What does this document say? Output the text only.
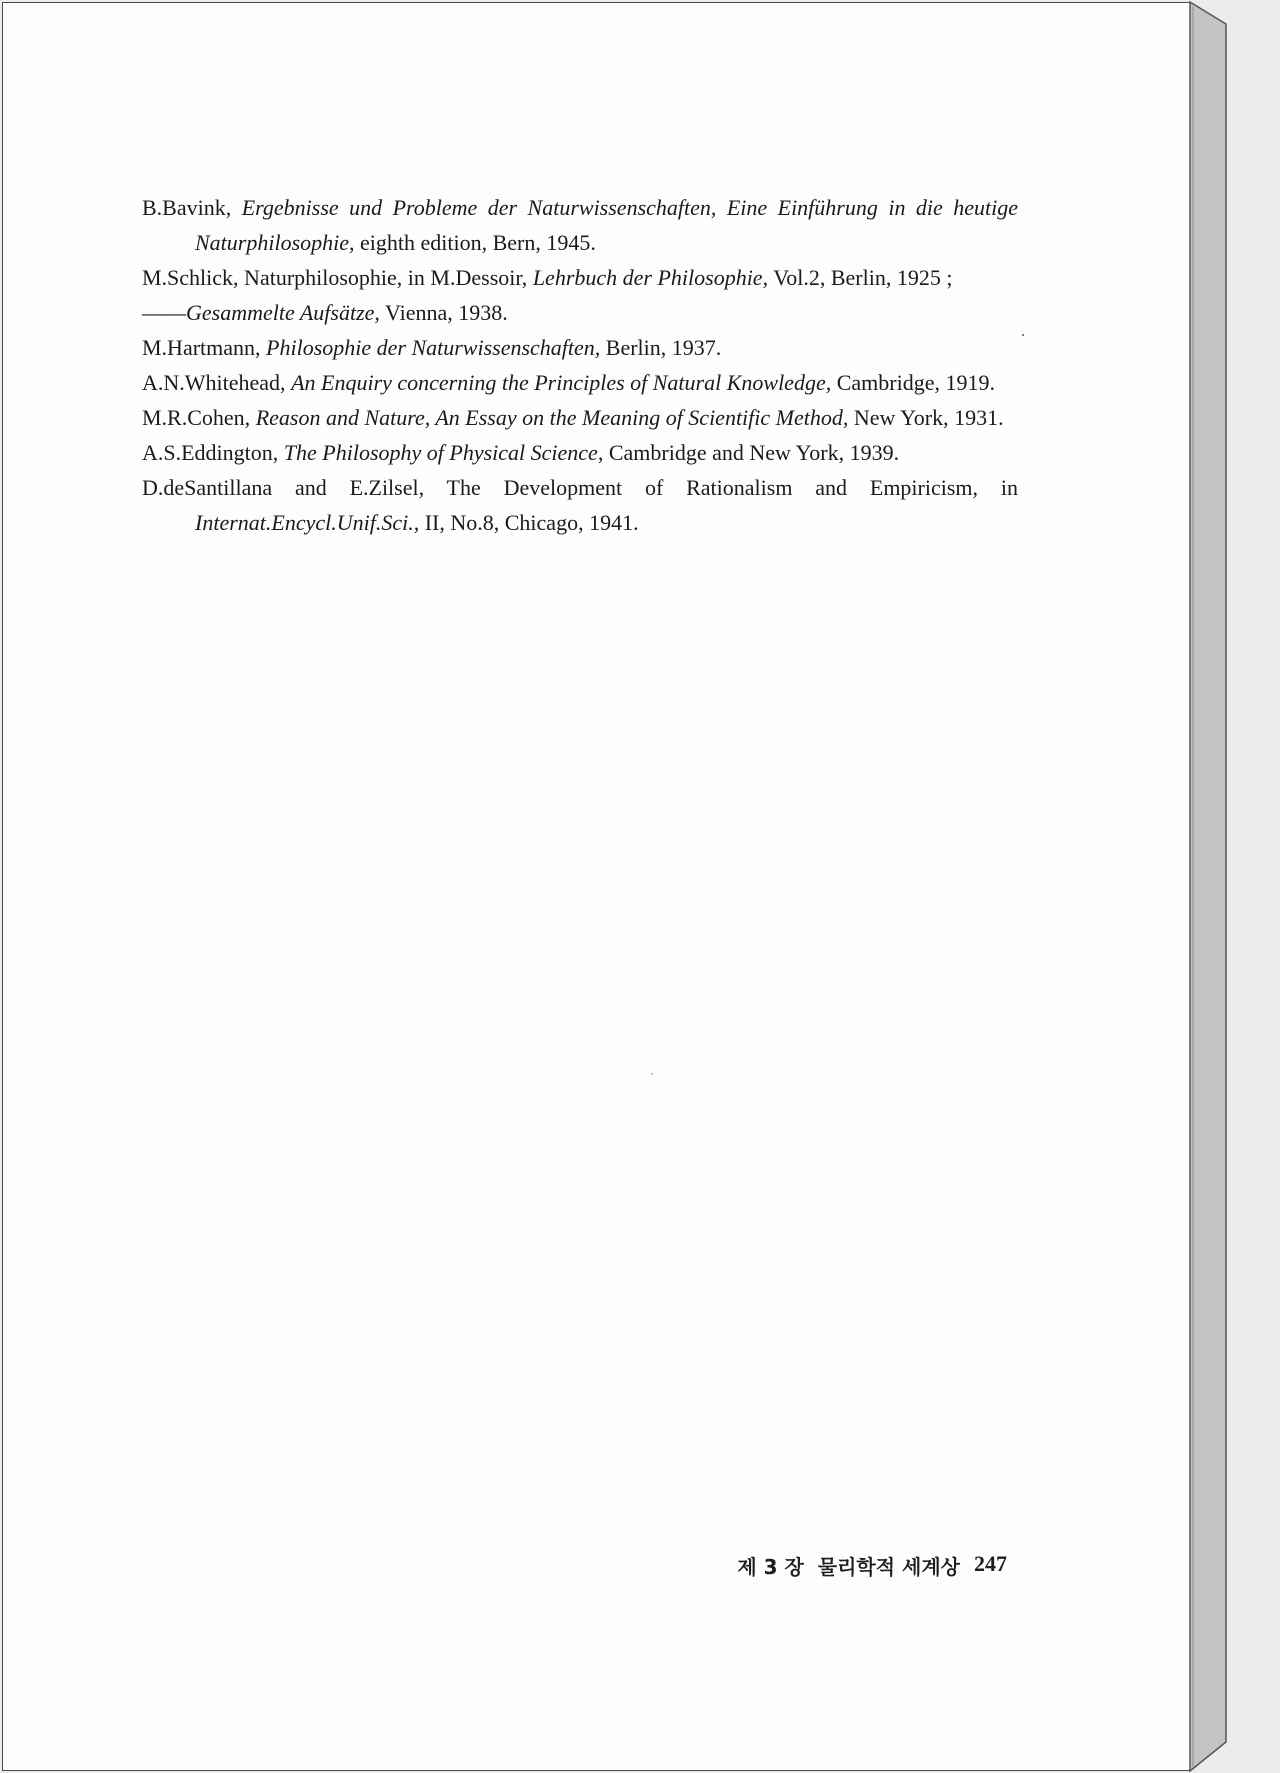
B.Bavink, Ergebnisse und Probleme der Naturwissenschaften, Eine Einführung in die heutige Naturphilosophie, eighth edition, Bern, 1945.

M.Schlick, Naturphilosophie, in M.Dessoir, Lehrbuch der Philosophie, Vol.2, Berlin, 1925 ;

——Gesammelte Aufsätze, Vienna, 1938.

M.Hartmann, Philosophie der Naturwissenschaften, Berlin, 1937.

A.N.Whitehead, An Enquiry concerning the Principles of Natural Knowledge, Cambridge, 1919.

M.R.Cohen, Reason and Nature, An Essay on the Meaning of Scientific Method, New York, 1931.

A.S.Eddington, The Philosophy of Physical Science, Cambridge and New York, 1939.

D.deSantillana and E.Zilsel, The Development of Rationalism and Empiricism, in Internat.Encycl.Unif.Sci., II, No.8, Chicago, 1941.

제 3 장 물리학적 세계상 247
